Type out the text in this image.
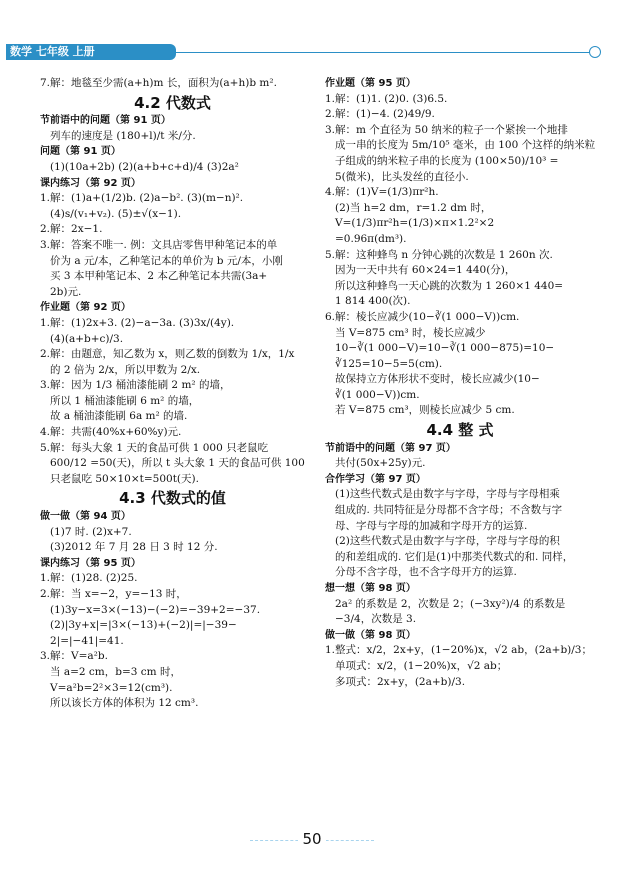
数学 七年级 上册
7.解：地毯至少需(a+h)m 长，面积为(a+h)b m².
4.2 代数式
节前语中的问题（第 91 页）
列车的速度是 (180+l)/t 米/分.
问题（第 91 页）
(1)(10a+2b) (2)(a+b+c+d)/4 (3)2a²
课内练习（第 92 页）
1.解：(1)a+(1/2)b. (2)a−b². (3)(m−n)².
(4)s/(v₁+v₂). (5)±√(x−1).
2.解：2x−1.
3.解：答案不唯一. 例：文具店零售甲种笔记本的单
价为 a 元/本，乙种笔记本的单价为 b 元/本，小刚
买 3 本甲种笔记本、2 本乙种笔记本共需(3a+
2b)元.
作业题（第 92 页）
1.解：(1)2x+3. (2)−a−3a. (3)3x/(4y).
(4)(a+b+c)/3.
2.解：由题意，知乙数为 x，则乙数的倒数为 1/x，1/x
的 2 倍为 2/x，所以甲数为 2/x.
3.解：因为 1/3 桶油漆能刷 2 m² 的墙，
所以 1 桶油漆能刷 6 m² 的墙，
故 a 桶油漆能刷 6a m² 的墙.
4.解：共需(40%x+60%y)元.
5.解：每头大象 1 天的食品可供 1 000 只老鼠吃
600/12 =50(天)，所以 t 头大象 1 天的食品可供 100
只老鼠吃 50×10×t=500t(天).
4.3 代数式的值
做一做（第 94 页）
(1)7 时. (2)x+7.
(3)2012 年 7 月 28 日 3 时 12 分.
课内练习（第 95 页）
1.解：(1)28. (2)25.
2.解：当 x=−2，y=−13 时，
(1)3y−x=3×(−13)−(−2)=−39+2=−37.
(2)|3y+x|=|3×(−13)+(−2)|=|−39−
2|=|−41|=41.
3.解：V=a²b.
当 a=2 cm，b=3 cm 时，
V=a²b=2²×3=12(cm³).
所以该长方体的体积为 12 cm³.
作业题（第 95 页）
1.解：(1)1. (2)0. (3)6.5.
2.解：(1)−4. (2)49/9.
3.解：m 个直径为 50 纳米的粒子一个紧挨一个地排
成一串的长度为 5m/10⁵ 毫米，由 100 个这样的纳米粒
子组成的纳米粒子串的长度为 (100×50)/10³ =
5(微米)，比头发丝的直径小.
4.解：(1)V=(1/3)πr²h.
(2)当 h=2 dm，r=1.2 dm 时，
V=(1/3)πr²h=(1/3)×π×1.2²×2
=0.96π(dm³).
5.解：这种蜂鸟 n 分钟心跳的次数是 1 260n 次.
因为一天中共有 60×24=1 440(分)，
所以这种蜂鸟一天心跳的次数为 1 260×1 440=
1 814 400(次).
6.解：棱长应减少(10−∛(1 000−V))cm.
当 V=875 cm³ 时，棱长应减少
10−∛(1 000−V)=10−∛(1 000−875)=10−
∛125=10−5=5(cm).
故保持立方体形状不变时，棱长应减少(10−
∛(1 000−V))cm.
若 V=875 cm³，则棱长应减少 5 cm.
4.4 整 式
节前语中的问题（第 97 页）
共付(50x+25y)元.
合作学习（第 97 页）
(1)这些代数式是由数字与字母，字母与字母相乘
组成的. 共同特征是分母都不含字母；不含数与字
母、字母与字母的加减和字母开方的运算.
(2)这些代数式是由数字与字母，字母与字母的积
的和差组成的. 它们是(1)中那类代数式的和. 同样，
分母不含字母，也不含字母开方的运算.
想一想（第 98 页）
2a² 的系数是 2，次数是 2；(−3xy²)/4 的系数是
−3/4，次数是 3.
做一做（第 98 页）
1.整式：x/2，2x+y，(1−20%)x，√2 ab，(2a+b)/3；
单项式：x/2，(1−20%)x，√2 ab；
多项式：2x+y，(2a+b)/3.
50
